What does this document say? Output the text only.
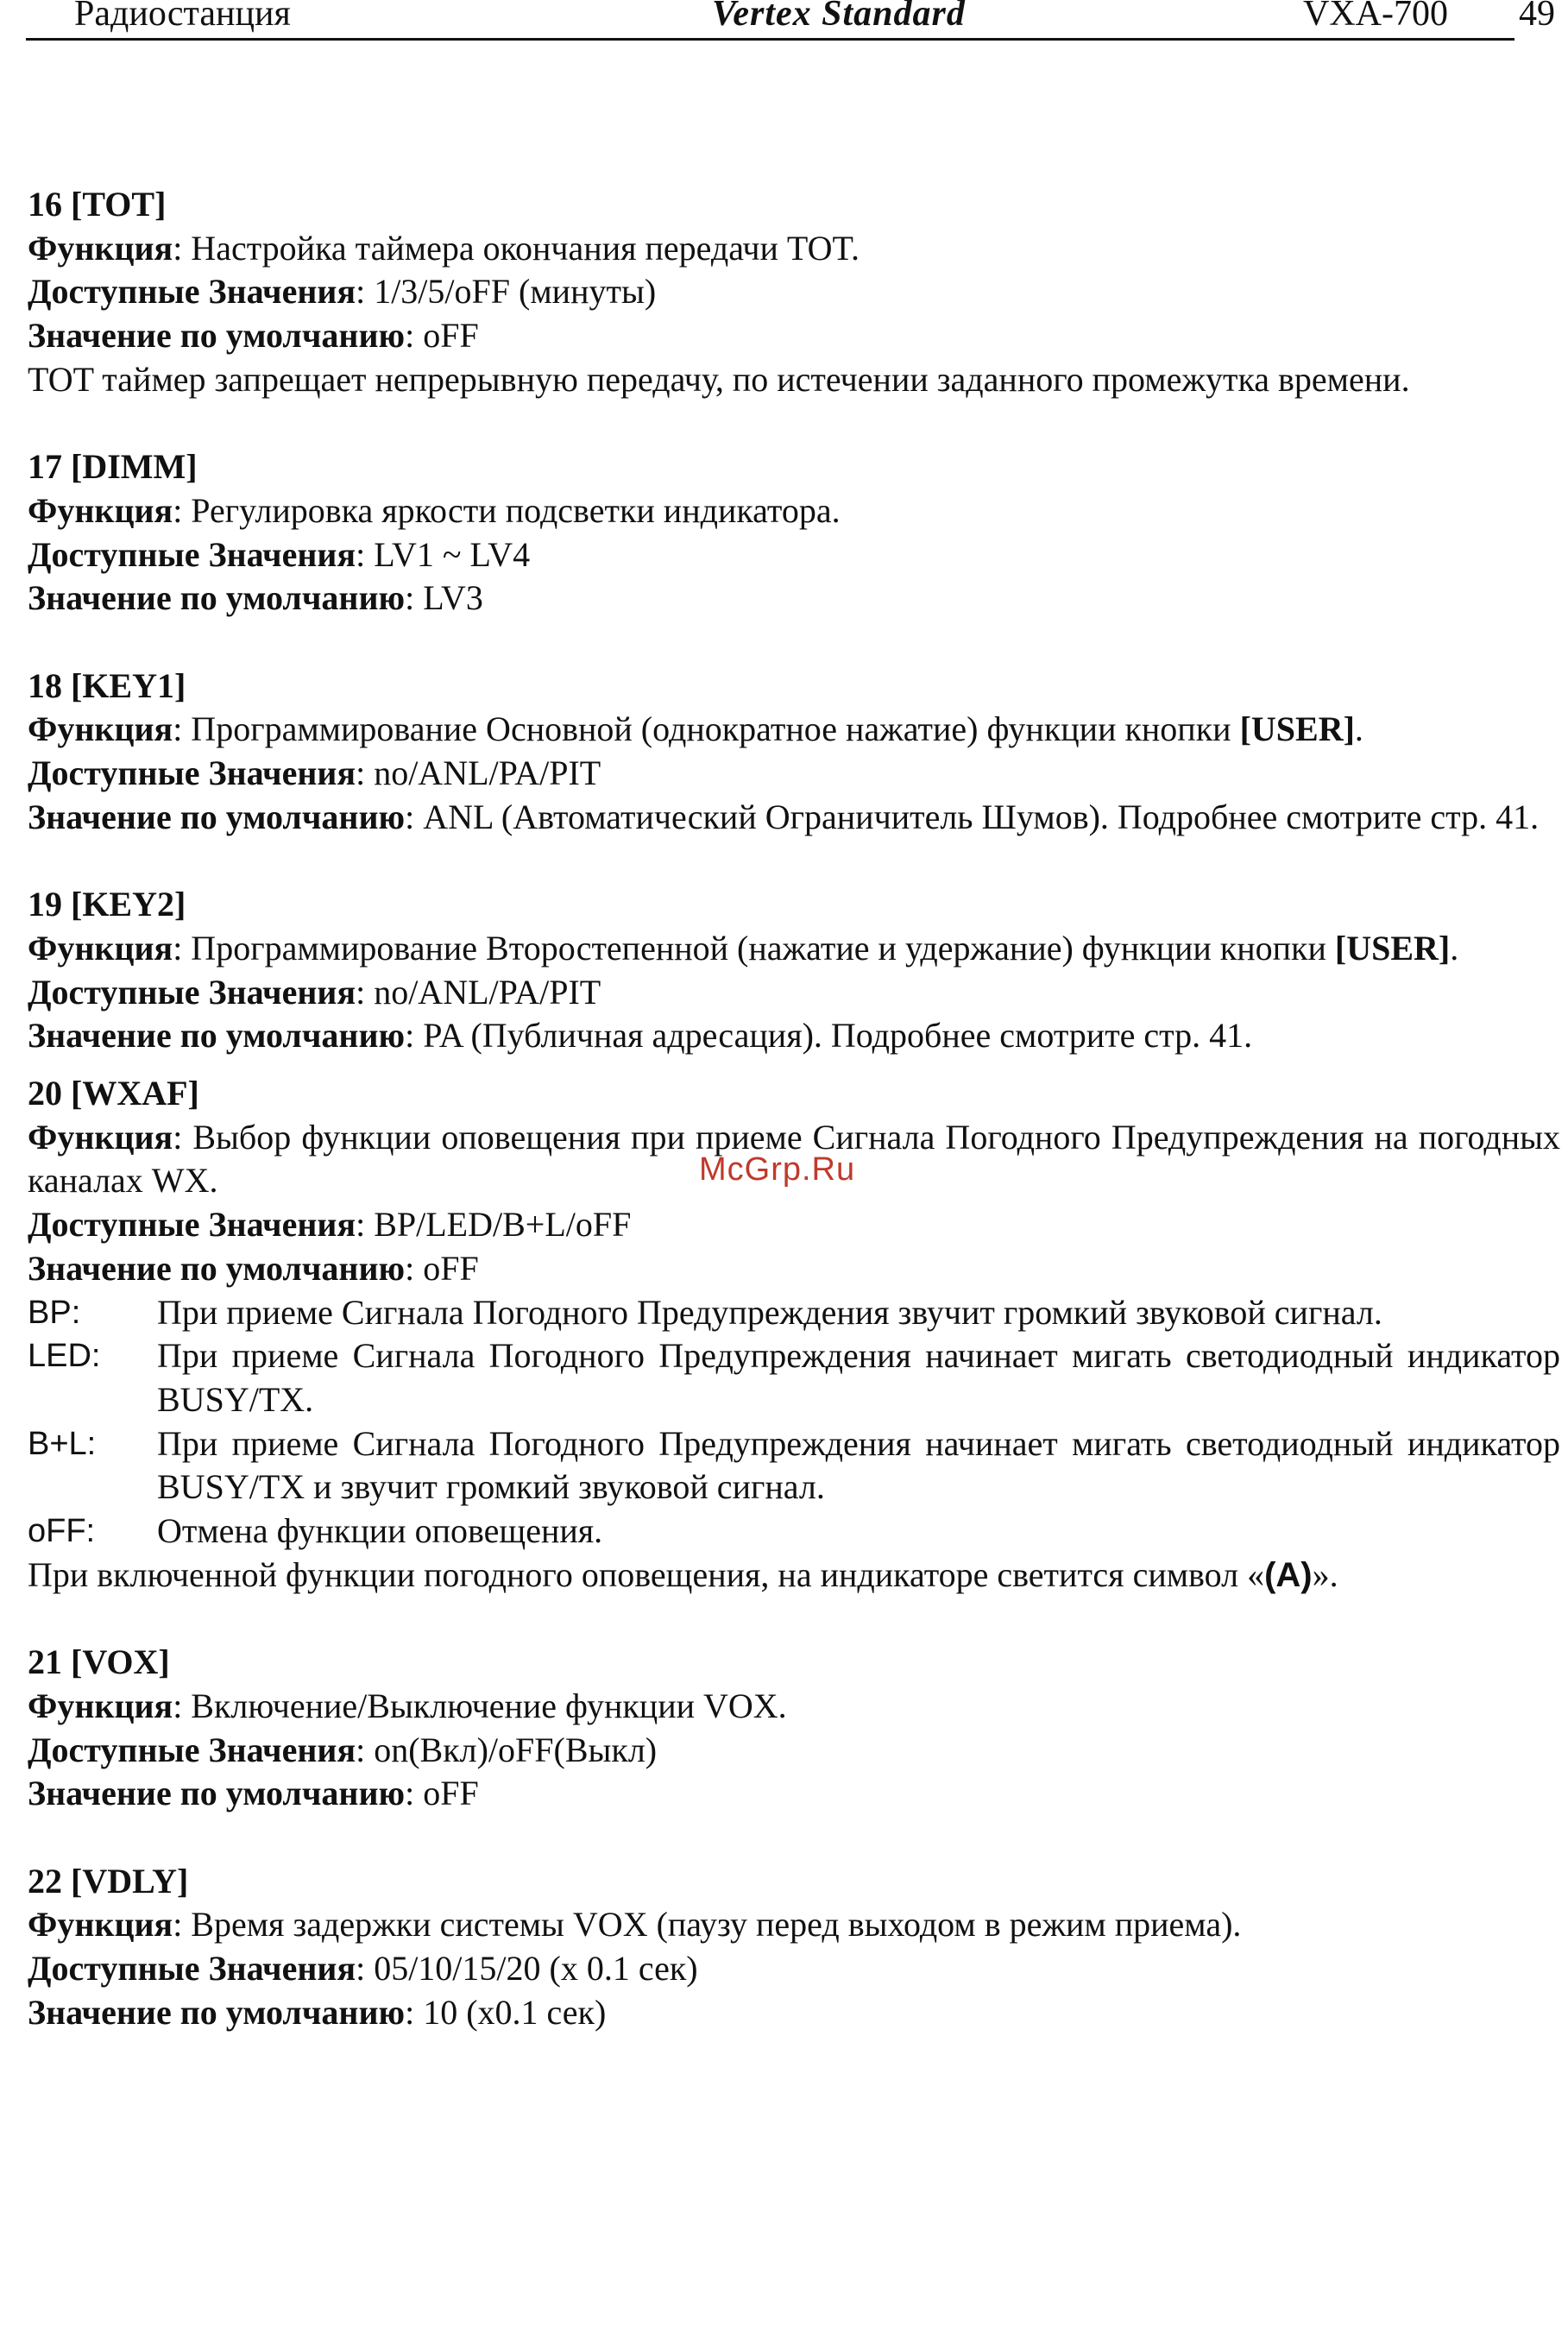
Радиостанция	Vertex Standard	VXA-700 49
McGrp.Ru
16 [TOT]
Функция: Настройка таймера окончания передачи TOT.
Доступные Значения: 1/3/5/oFF (минуты)
Значение по умолчанию: oFF
TOT таймер запрещает непрерывную передачу, по истечении заданного промежутка времени.
17 [DIMM]
Функция: Регулировка яркости подсветки индикатора.
Доступные Значения: LV1 ~ LV4
Значение по умолчанию: LV3
18 [KEY1]
Функция: Программирование Основной (однократное нажатие) функции кнопки [USER].
Доступные Значения: no/ANL/PA/PIT
Значение по умолчанию: ANL (Автоматический Ограничитель Шумов). Подробнее смотрите стр. 41.
19 [KEY2]
Функция: Программирование Второстепенной (нажатие и удержание) функции кнопки [USER].
Доступные Значения: no/ANL/PA/PIT
Значение по умолчанию: PA (Публичная адресация). Подробнее смотрите стр. 41.
20 [WXAF]
Функция: Выбор функции оповещения при приеме Сигнала Погодного Предупреждения на погодных каналах WX.
Доступные Значения: BP/LED/B+L/oFF
Значение по умолчанию: oFF
BP:	При приеме Сигнала Погодного Предупреждения звучит громкий звуковой сигнал.
LED:	При приеме Сигнала Погодного Предупреждения начинает мигать светодиодный индикатор BUSY/TX.
B+L:	При приеме Сигнала Погодного Предупреждения начинает мигать светодиодный индикатор BUSY/TX и звучит громкий звуковой сигнал.
oFF:	Отмена функции оповещения.
При включенной функции погодного оповещения, на индикаторе светится символ «(A)».
21 [VOX]
Функция: Включение/Выключение функции VOX.
Доступные Значения: on(Вкл)/oFF(Выкл)
Значение по умолчанию: oFF
22 [VDLY]
Функция: Время задержки системы VOX (паузу перед выходом в режим приема).
Доступные Значения: 05/10/15/20 (x 0.1 сек)
Значение по умолчанию: 10 (x0.1 сек)
